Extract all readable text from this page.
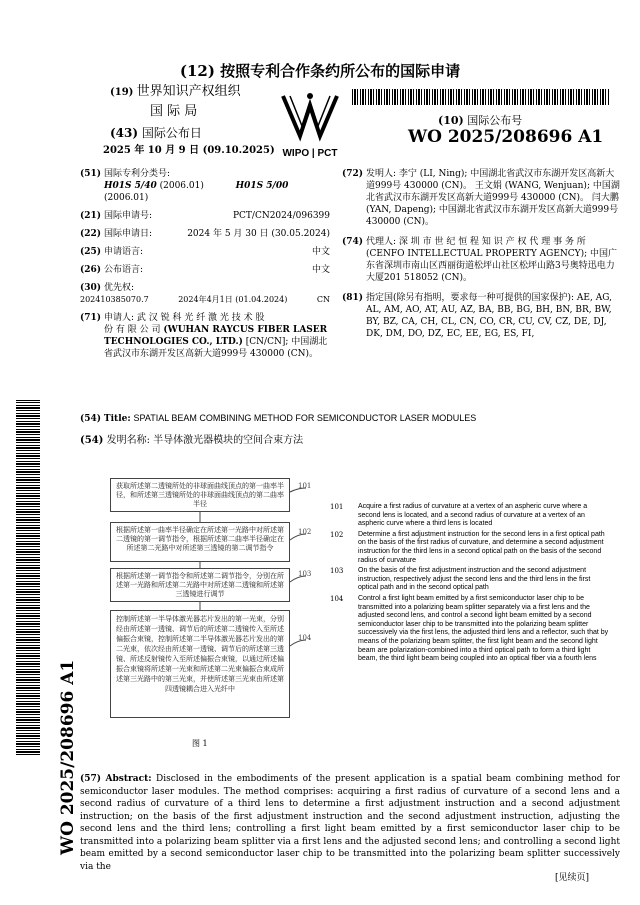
(12) 按照专利合作条约所公布的国际申请
(19) 世界知识产权组织
国 际 局
(43) 国际公布日
2025 年 10 月 9 日 (09.10.2025) WIPO | PCT
(10) 国际公布号
WO 2025/208696 A1
(51) 国际专利分类号:
H01S 5/40 (2006.01)	H01S 5/00 (2006.01)
(21) 国际申请号:	PCT/CN2024/096399
(22) 国际申请日:	2024 年 5 月 30 日 (30.05.2024)
(25) 申请语言:	中文
(26) 公布语言:	中文
(30) 优先权:
202410385070.7	2024年4月1日 (01.04.2024)	CN
(71) 申请人: 武 汉 锐 科 光 纤 激 光 技 术 股
份 有 限 公 司 (WUHAN RAYCUS FIBER LASER TECHNOLOGIES CO., LTD.) [CN/CN]; 中国湖北省武汉市东湖开发区高新大道999号 430000 (CN)。
(72) 发明人: 李宁 (LI, Ning); 中国湖北省武汉市东湖开发区高新大道999号 430000 (CN)。 王文娟 (WANG, Wenjuan); 中国湖北省武汉市东湖开发区高新大道999号 430000 (CN)。 闫大鹏 (YAN, Dapeng); 中国湖北省武汉市东湖开发区高新大道999号 430000 (CN)。
(74) 代理人: 深 圳 市 世 纪 恒 程 知 识 产 权 代 理 事 务 所 (CENFO INTELLECTUAL PROPERTY AGENCY); 中国广东省深圳市南山区西丽街道松坪山社区松坪山路3号奥特迅电力大厦201 518052 (CN)。
(81) 指定国(除另有指明，要求每一种可提供的国家保护): AE, AG, AL, AM, AO, AT, AU, AZ, BA, BB, BG, BH, BN, BR, BW, BY, BZ, CA, CH, CL, CN, CO, CR, CU, CV, CZ, DE, DJ, DK, DM, DO, DZ, EC, EE, EG, ES, FI,
WO 2025/208696 A1
(54) Title: SPATIAL BEAM COMBINING METHOD FOR SEMICONDUCTOR LASER MODULES
(54) 发明名称: 半导体激光器模块的空间合束方法
获取所述第二透镜所处的非球面曲线顶点的第一曲率半径，和所述第三透镜所处的非球面曲线顶点的第二曲率半径
根据所述第一曲率半径确定在所述第一光路中对所述第二透镜的第一调节指令，根据所述第二曲率半径确定在所述第二光路中对所述第三透镜的第二调节指令
根据所述第一调节指令和所述第二调节指令，分别在所述第一光路和所述第二光路中对所述第二透镜和所述第三透镜进行调节
控制所述第一半导体激光器芯片发出的第一光束，分别经由所述第一透镜、调节后的所述第二透镜传入至所述偏振合束镜，控制所述第二半导体激光器芯片发出的第二光束，依次经由所述第一透镜、调节后的所述第三透镜、所述反射镜传入至所述偏振合束镜，以通过所述偏振合束镜将所述第一光束和所述第二光束偏振合束成所述第三光路中的第三光束，并使所述第三光束由所述第四透镜耦合进入光纤中
101
102
103
104
图 1
101	Acquire a first radius of curvature at a vertex of an aspheric curve where a second lens is located, and a second radius of curvature at a vertex of an aspheric curve where a third lens is located
102	Determine a first adjustment instruction for the second lens in a first optical path on the basis of the first radius of curvature, and determine a second adjustment instruction for the third lens in a second optical path on the basis of the second radius of curvature
103	On the basis of the first adjustment instruction and the second adjustment instruction, respectively adjust the second lens and the third lens in the first optical path and in the second optical path
104	Control a first light beam emitted by a first semiconductor laser chip to be transmitted into a polarizing beam splitter separately via a first lens and the adjusted second lens, and control a second light beam emitted by a second semiconductor laser chip to be transmitted into the polarizing beam splitter successively via the first lens, the adjusted third lens and a reflector, such that by means of the polarizing beam splitter, the first light beam and the second light beam are polarization-combined into a third optical path to form a third light beam, the third light beam being coupled into an optical fiber via a fourth lens
(57) Abstract: Disclosed in the embodiments of the present application is a spatial beam combining method for semiconductor laser modules. The method comprises: acquiring a first radius of curvature of a second lens and a second radius of curvature of a third lens to determine a first adjustment instruction and a second adjustment instruction; on the basis of the first adjustment instruction and the second adjustment instruction, adjusting the second lens and the third lens; controlling a first light beam emitted by a first semiconductor laser chip to be transmitted into a polarizing beam splitter via a first lens and the adjusted second lens; and controlling a second light beam emitted by a second semiconductor laser chip to be transmitted into the polarizing beam splitter successively via the
[见续页]
